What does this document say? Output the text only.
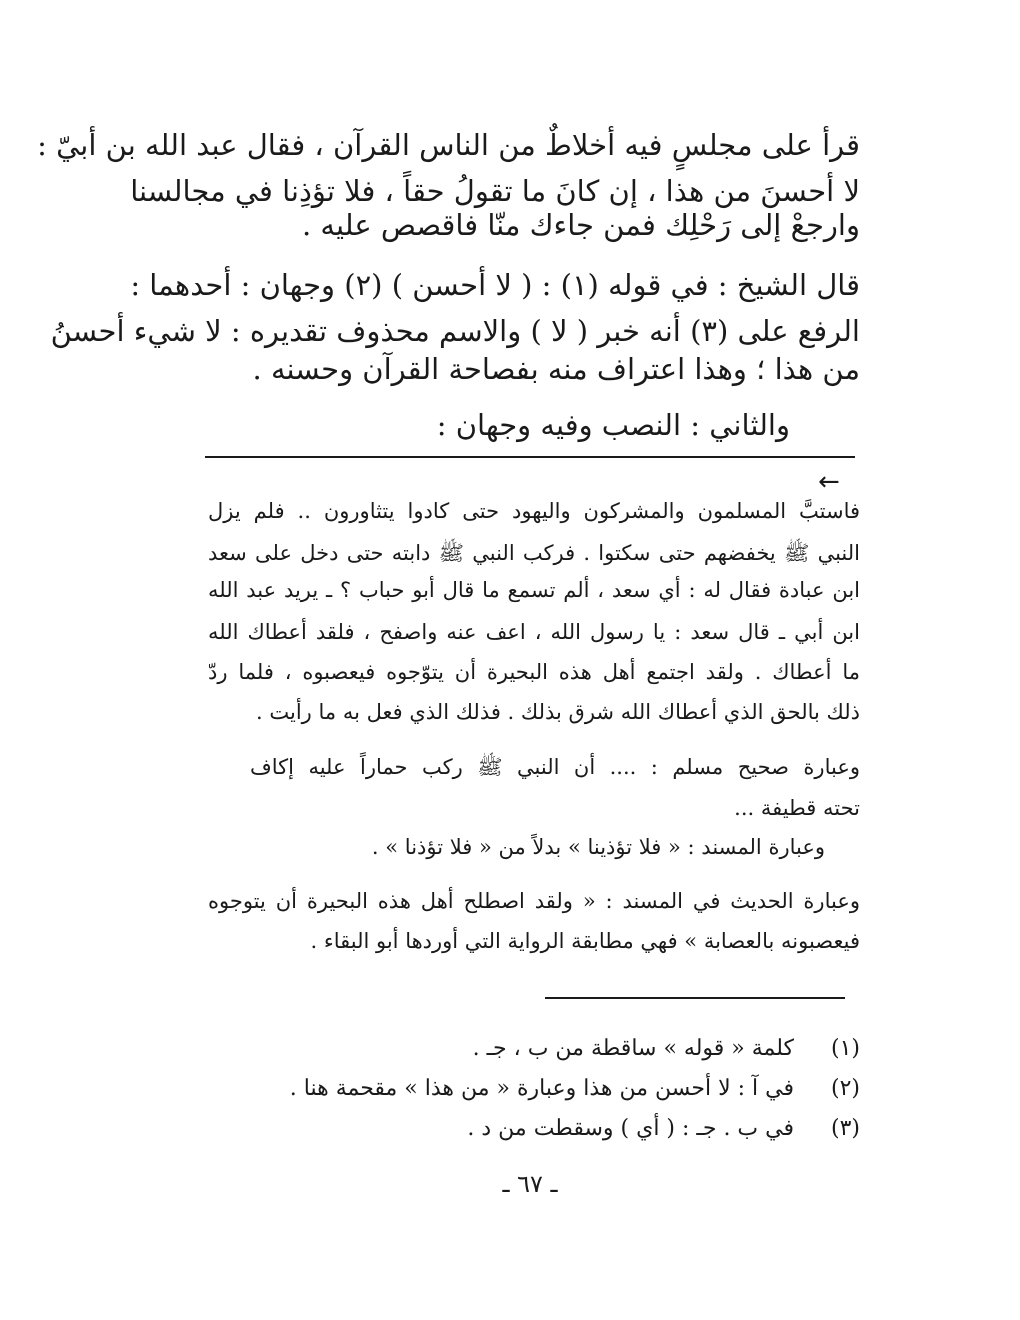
قرأ على مجلسٍ فيه أخلاطٌ من الناس القرآن ، فقال عبد الله بن أبيّ :
لا أحسنَ من هذا ، إن كانَ ما تقولُ حقاً ، فلا تؤذِنا في مجالسنا
وارجعْ إلى رَحْلِك فمن جاءك منّا فاقصص عليه .
قال الشيخ : في قوله (١) : ( لا أحسن ) (٢) وجهان : أحدهما :
الرفع على (٣) أنه خبر ( لا ) والاسم محذوف تقديره : لا شيء أحسنُ
من هذا ؛ وهذا اعتراف منه بفصاحة القرآن وحسنه .
والثاني : النصب وفيه وجهان :
←
فاستبَّ المسلمون والمشركون واليهود حتى كادوا يتثاورون .. فلم يزل
النبي ﷺ يخفضهم حتى سكتوا . فركب النبي ﷺ دابته حتى دخل على سعد
ابن عبادة فقال له : أي سعد ، ألم تسمع ما قال أبو حباب ؟ ـ يريد عبد الله
ابن أبي ـ قال سعد : يا رسول الله ، اعف عنه واصفح ، فلقد أعطاك الله
ما أعطاك . ولقد اجتمع أهل هذه البحيرة أن يتوّجوه فيعصبوه ، فلما ردّ
ذلك بالحق الذي أعطاك الله شرق بذلك . فذلك الذي فعل به ما رأيت .
وعبارة صحيح مسلم : .... أن النبي ﷺ ركب حماراً عليه إكاف
تحته قطيفة ...
وعبارة المسند : « فلا تؤذينا » بدلاً من « فلا تؤذنا » .
وعبارة الحديث في المسند : « ولقد اصطلح أهل هذه البحيرة أن يتوجوه
فيعصبونه بالعصابة » فهي مطابقة الرواية التي أوردها أبو البقاء .
(١)كلمة « قوله » ساقطة من ب ، جـ .
(٢)في آ : لا أحسن من هذا وعبارة « من هذا » مقحمة هنا .
(٣)في ب . جـ : ( أي ) وسقطت من د .
ـ ٦٧ ـ
